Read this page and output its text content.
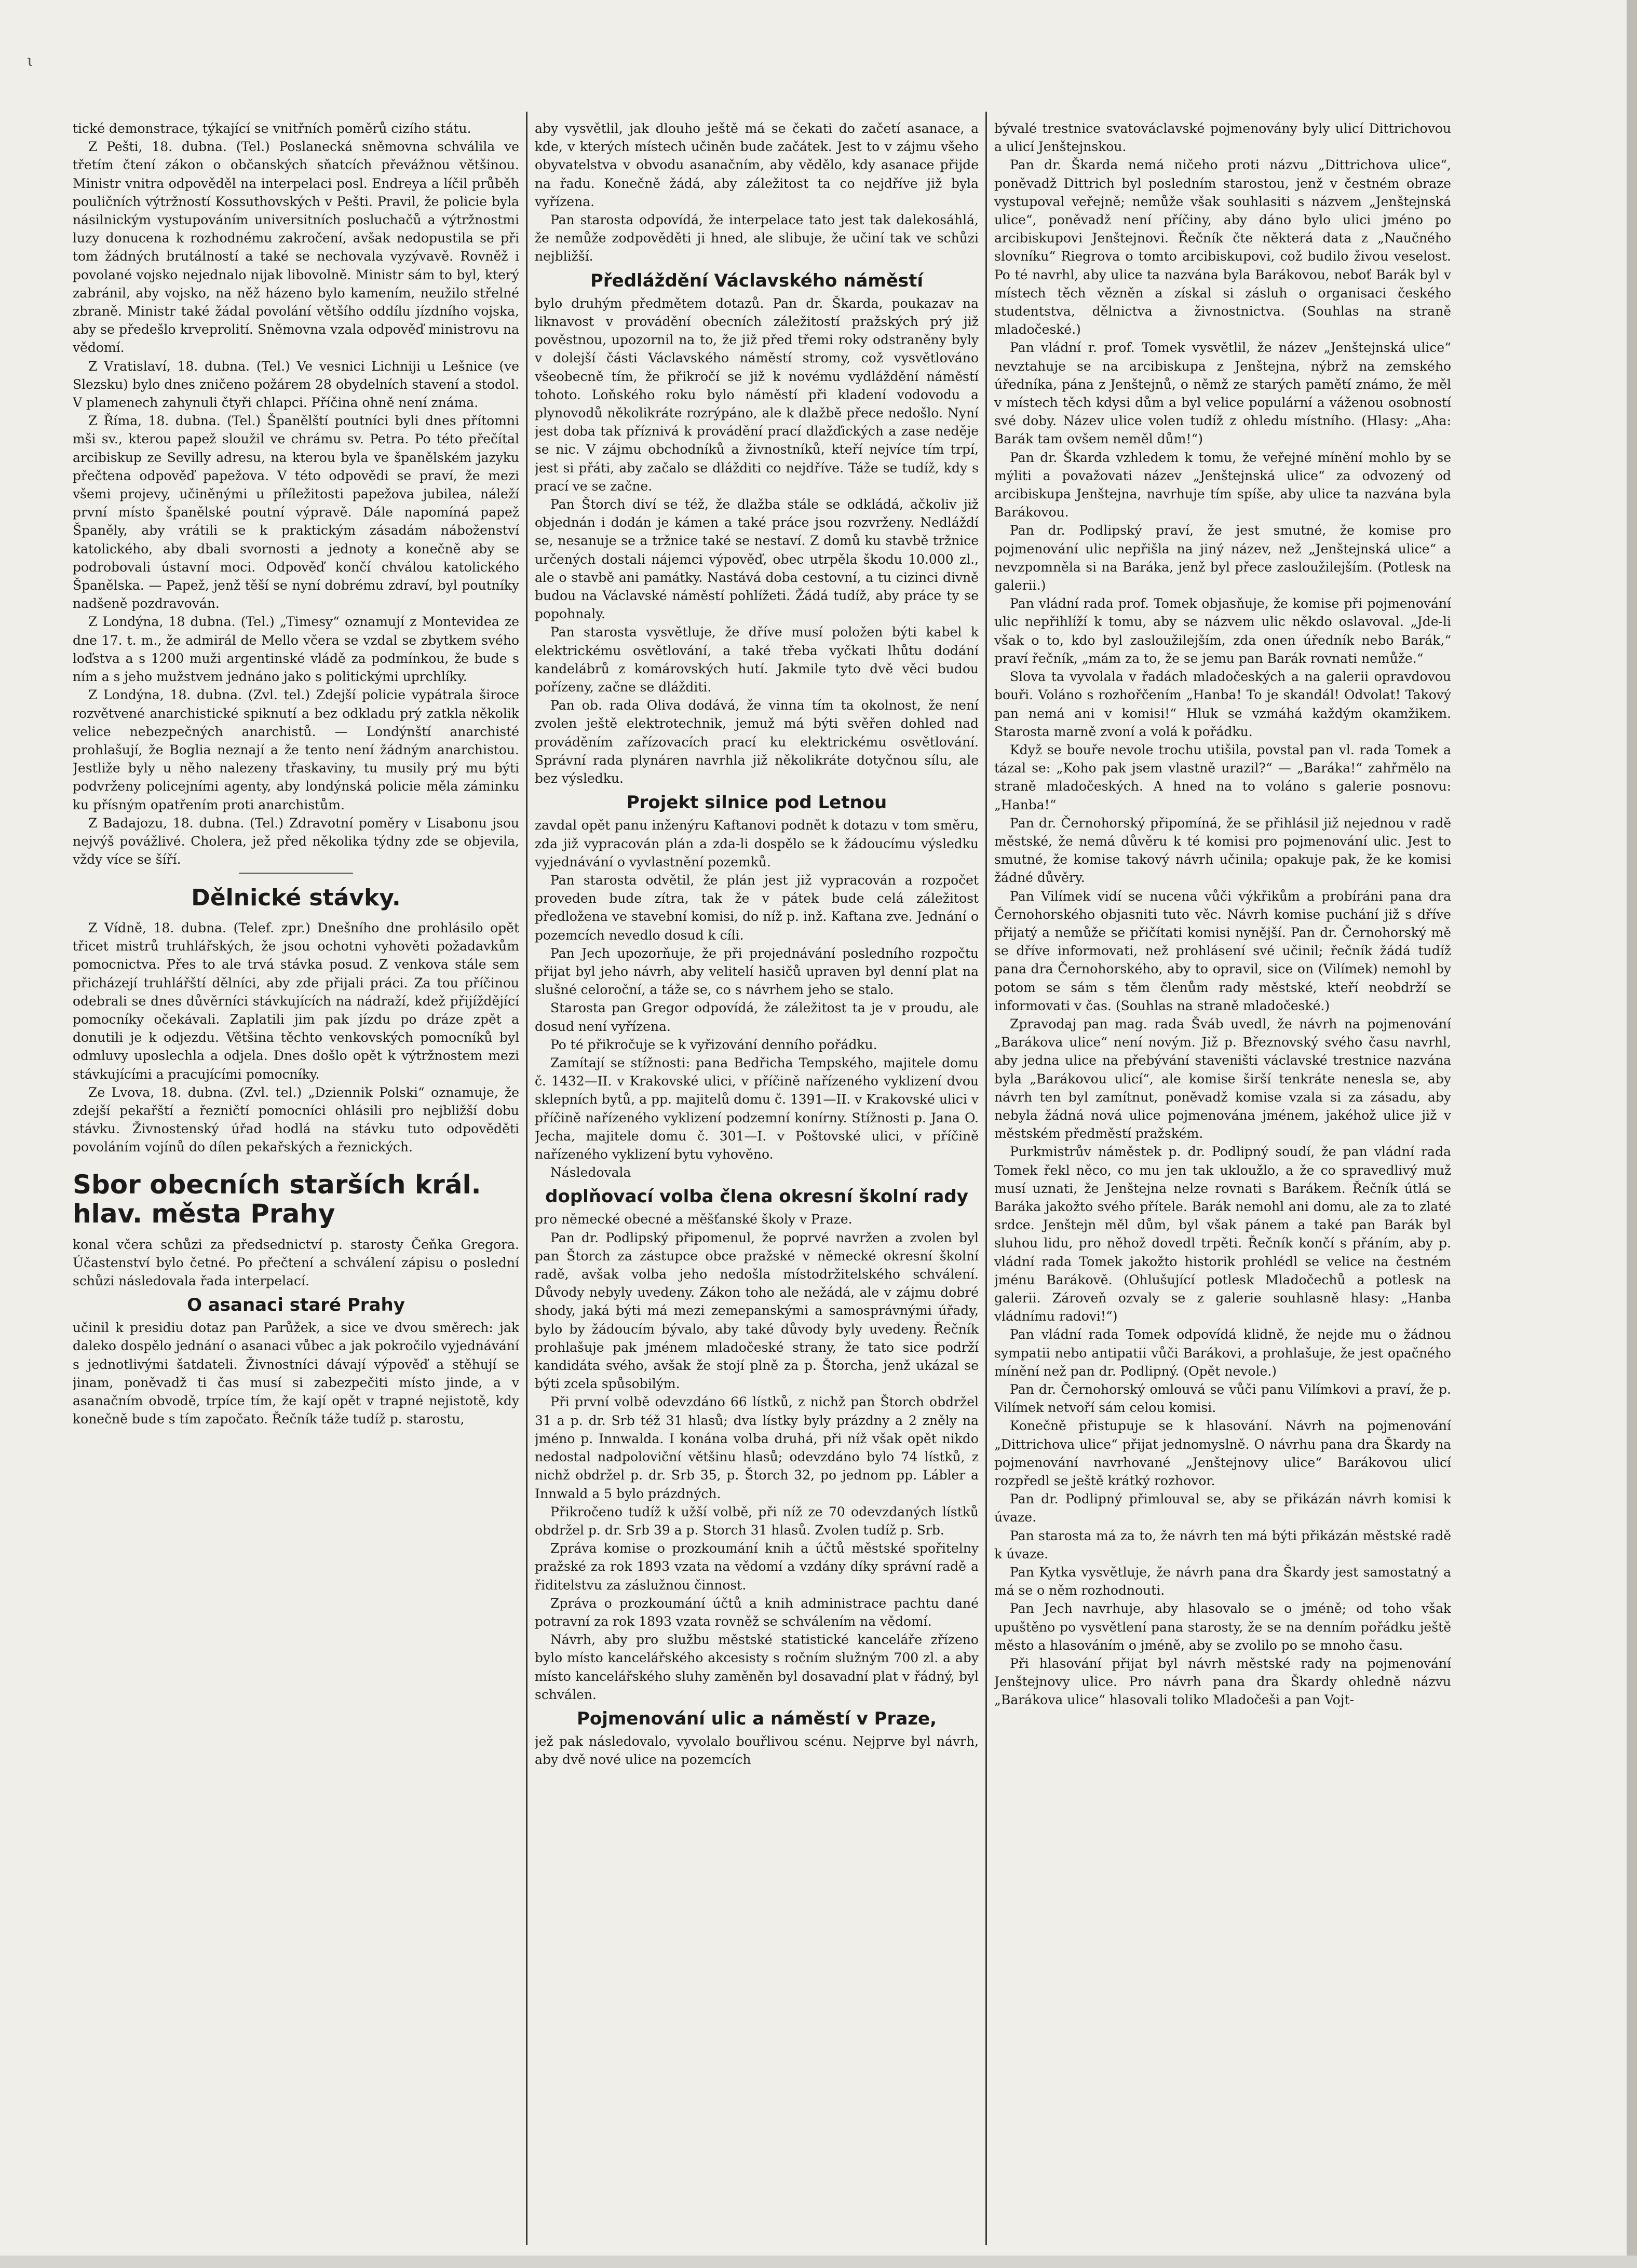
ι

tické demonstrace, týkající se vnitřních poměrů cizího státu.

Z Pešti, 18. dubna. (Tel.) Poslanecká sněmovna schválila ve třetím čtení zákon o občanských sňatcích převážnou většinou. Ministr vnitra odpověděl na interpelaci posl. Endreya a líčil průběh pouličních výtržností Kossuthovských v Pešti. Pravil, že policie byla násilnickým vystupováním universitních posluchačů a výtržnostmi luzy donucena k rozhodnému zakročení, avšak nedopustila se při tom žádných brutálností a také se nechovala vyzývavě. Rovněž i povolané vojsko nejednalo nijak libovolně. Ministr sám to byl, který zabránil, aby vojsko, na něž házeno bylo kamením, neužilo střelné zbraně. Ministr také žádal povolání většího oddílu jízdního vojska, aby se předešlo krveprolití. Sněmovna vzala odpověď ministrovu na vědomí.

Z Vratislaví, 18. dubna. (Tel.) Ve vesnici Lichniji u Lešnice (ve Slezsku) bylo dnes zničeno požárem 28 obydelních stavení a stodol. V plamenech zahynuli čtyři chlapci. Příčina ohně není známa.

Z Říma, 18. dubna. (Tel.) Španělští poutníci byli dnes přítomni mši sv., kterou papež sloužil ve chrámu sv. Petra. Po této přečítal arcibiskup ze Sevilly adresu, na kterou byla ve španělském jazyku přečtena odpověď papežova. V této odpovědi se praví, že mezi všemi projevy, učiněnými u příležitosti papežova jubilea, náleží první místo španělské poutní výpravě. Dále napomíná papež Španěly, aby vrátili se k praktickým zásadám náboženství katolického, aby dbali svornosti a jednoty a konečně aby se podrobovali ústavní moci. Odpověď končí chválou katolického Španělska. — Papež, jenž těší se nyní dobrému zdraví, byl poutníky nadšeně pozdravován.

Z Londýna, 18 dubna. (Tel.) „Timesy“ oznamují z Montevidea ze dne 17. t. m., že admirál de Mello včera se vzdal se zbytkem svého loďstva a s 1200 muži argentinské vládě za podmínkou, že bude s ním a s jeho mužstvem jednáno jako s politickými uprchlíky.

Z Londýna, 18. dubna. (Zvl. tel.) Zdejší policie vypátrala široce rozvětvené anarchistické spiknutí a bez odkladu prý zatkla několik velice nebezpečných anarchistů. — Londýnští anarchisté prohlašují, že Boglia neznají a že tento není žádným anarchistou. Jestliže byly u něho nalezeny třaskaviny, tu musily prý mu býti podvrženy policejními agenty, aby londýnská policie měla záminku ku přísným opatřením proti anarchistům.

Z Badajozu, 18. dubna. (Tel.) Zdravotní poměry v Lisabonu jsou nejvýš povážlivé. Cholera, jež před několika týdny zde se objevila, vždy více se šíří.

Dělnické stávky.

Z Vídně, 18. dubna. (Telef. zpr.) Dnešního dne prohlásilo opět třicet mistrů truhlářských, že jsou ochotni vyhověti požadavkům pomocnictva. Přes to ale trvá stávka posud. Z venkova stále sem přicházejí truhlářští dělníci, aby zde přijali práci. Za tou příčinou odebrali se dnes důvěrníci stávkujících na nádraží, kdež přijíždějící pomocníky očekávali. Zaplatili jim pak jízdu po dráze zpět a donutili je k odjezdu. Většina těchto venkovských pomocníků byl odmluvy uposlechla a odjela. Dnes došlo opět k výtržnostem mezi stávkujícími a pracujícími pomocníky.

Ze Lvova, 18. dubna. (Zvl. tel.) „Dziennik Polski“ oznamuje, že zdejší pekařští a řezničtí pomocníci ohlásili pro nejbližší dobu stávku. Živnostenský úřad hodlá na stávku tuto odpověděti povoláním vojínů do dílen pekařských a řeznických.

Sbor obecních starších král. hlav. města Prahy

konal včera schůzi za předsednictví p. starosty Čeňka Gregora. Účastenství bylo četné. Po přečtení a schválení zápisu o poslední schůzi následovala řada interpelací.

O asanaci staré Prahy

učinil k presidiu dotaz pan Parůžek, a sice ve dvou směrech: jak daleko dospělo jednání o asanaci vůbec a jak pokročilo vyjednávání s jednotlivými šatdateli. Živnostníci dávají výpověď a stěhují se jinam, poněvadž ti čas musí si zabezpečiti místo jinde, a v asanačním obvodě, trpíce tím, že kají opět v trapné nejistotě, kdy konečně bude s tím započato. Řečník táže tudíž p. starostu,

aby vysvětlil, jak dlouho ještě má se čekati do začetí asanace, a kde, v kterých místech učiněn bude začátek. Jest to v zájmu všeho obyvatelstva v obvodu asanačním, aby vědělo, kdy asanace přijde na řadu. Konečně žádá, aby záležitost ta co nejdříve již byla vyřízena.

Pan starosta odpovídá, že interpelace tato jest tak dalekosáhlá, že nemůže zodpověděti ji hned, ale slibuje, že učiní tak ve schůzi nejbližší.

Předláždění Václavského náměstí

bylo druhým předmětem dotazů. Pan dr. Škarda, poukazav na liknavost v provádění obecních záležitostí pražských prý již pověstnou, upozornil na to, že již před třemi roky odstraněny byly v dolejší části Václavského náměstí stromy, což vysvětlováno všeobecně tím, že přikročí se již k novému vydláždění náměstí tohoto. Loňského roku bylo náměstí při kladení vodovodu a plynovodů několikráte rozrýpáno, ale k dlažbě přece nedošlo. Nyní jest doba tak příznivá k provádění prací dlažďických a zase neděje se nic. V zájmu obchodníků a živnostníků, kteří nejvíce tím trpí, jest si přáti, aby začalo se dlážditi co nejdříve. Táže se tudíž, kdy s prací ve se začne.

Pan Štorch diví se též, že dlažba stále se odkládá, ačkoliv již objednán i dodán je kámen a také práce jsou rozvrženy. Nedláždí se, nesanuje se a tržnice také se nestaví. Z domů ku stavbě tržnice určených dostali nájemci výpověď, obec utrpěla škodu 10.000 zl., ale o stavbě ani památky. Nastává doba cestovní, a tu cizinci divně budou na Václavské náměstí pohlížeti. Žádá tudíž, aby práce ty se popohnaly.

Pan starosta vysvětluje, že dříve musí položen býti kabel k elektrickému osvětlování, a také třeba vyčkati lhůtu dodání kandelábrů z komárovských hutí. Jakmile tyto dvě věci budou pořízeny, začne se dlážditi.

Pan ob. rada Oliva dodává, že vinna tím ta okolnost, že není zvolen ještě elektrotechnik, jemuž má býti svěřen dohled nad prováděním zařízovacích prací ku elektrickému osvětlování. Správní rada plynáren navrhla již několikráte dotyčnou sílu, ale bez výsledku.

Projekt silnice pod Letnou

zavdal opět panu inženýru Kaftanovi podnět k dotazu v tom směru, zda již vypracován plán a zda-li dospělo se k žádoucímu výsledku vyjednávání o vyvlastnění pozemků.

Pan starosta odvětil, že plán jest již vypracován a rozpočet proveden bude zítra, tak že v pátek bude celá záležitost předložena ve stavební komisi, do níž p. inž. Kaftana zve. Jednání o pozemcích nevedlo dosud k cíli.

Pan Jech upozorňuje, že při projednávání posledního rozpočtu přijat byl jeho návrh, aby velitelí hasičů upraven byl denní plat na slušné celoroční, a táže se, co s návrhem jeho se stalo.

Starosta pan Gregor odpovídá, že záležitost ta je v proudu, ale dosud není vyřízena.

Po té přikročuje se k vyřizování denního pořádku.

Zamítají se stížnosti: pana Bedřicha Tempského, majitele domu č. 1432—II. v Krakovské ulici, v příčině nařízeného vyklizení dvou sklepních bytů, a pp. majitelů domu č. 1391—II. v Krakovské ulici v příčině nařízeného vyklizení podzemní konírny. Stížnosti p. Jana O. Jecha, majitele domu č. 301—I. v Poštovské ulici, v příčině nařízeného vyklizení bytu vyhověno.

Následovala

doplňovací volba člena okresní školní rady

pro německé obecné a měšťanské školy v Praze.

Pan dr. Podlipský připomenul, že poprvé navržen a zvolen byl pan Štorch za zástupce obce pražské v německé okresní školní radě, avšak volba jeho nedošla místodržitelského schválení. Důvody nebyly uvedeny. Zákon toho ale nežádá, ale v zájmu dobré shody, jaká býti má mezi zemepanskými a samosprávnými úřady, bylo by žádoucím bývalo, aby také důvody byly uvedeny. Řečník prohlašuje pak jménem mladočeské strany, že tato sice podrží kandidáta svého, avšak že stojí plně za p. Štorcha, jenž ukázal se býti zcela spůsobilým.

Při první volbě odevzdáno 66 lístků, z nichž pan Štorch obdržel 31 a p. dr. Srb též 31 hlasů; dva lístky byly prázdny a 2 zněly na jméno p. Innwalda. I konána volba druhá, při níž však opět nikdo nedostal nadpoloviční většinu hlasů; odevzdáno bylo 74 lístků, z nichž obdržel p. dr. Srb 35, p. Štorch 32, po jednom pp. Lábler a Innwald a 5 bylo prázdných.

Přikročeno tudíž k užší volbě, při níž ze 70 odevzdaných lístků obdržel p. dr. Srb 39 a p. Storch 31 hlasů. Zvolen tudíž p. Srb.

Zpráva komise o prozkoumání knih a účtů městské spořitelny pražské za rok 1893 vzata na vědomí a vzdány díky správní radě a řiditelstvu za záslužnou činnost.

Zpráva o prozkoumání účtů a knih administrace pachtu dané potravní za rok 1893 vzata rovněž se schválením na vědomí.

Návrh, aby pro službu městské statistické kanceláře zřízeno bylo místo kancelářského akcesisty s ročním služným 700 zl. a aby místo kancelářského sluhy zaměněn byl dosavadní plat v řádný, byl schválen.

Pojmenování ulic a náměstí v Praze,

jež pak následovalo, vyvolalo bouřlivou scénu. Nejprve byl návrh, aby dvě nové ulice na pozemcích

bývalé trestnice svatováclavské pojmenovány byly ulicí Dittrichovou a ulicí Jenštejnskou.

Pan dr. Škarda nemá ničeho proti názvu „Dittrichova ulice“, poněvadž Dittrich byl posledním starostou, jenž v čestném obraze vystupoval veřejně; nemůže však souhlasiti s názvem „Jenštejnská ulice“, poněvadž není příčiny, aby dáno bylo ulici jméno po arcibiskupovi Jenštejnovi. Řečník čte některá data z „Naučného slovníku“ Riegrova o tomto arcibiskupovi, což budilo živou veselost. Po té navrhl, aby ulice ta nazvána byla Barákovou, neboť Barák byl v místech těch vězněn a získal si zásluh o organisaci českého studentstva, dělnictva a živnostnictva. (Souhlas na straně mladočeské.)

Pan vládní r. prof. Tomek vysvětlil, že název „Jenštejnská ulice“ nevztahuje se na arcibiskupa z Jenštejna, nýbrž na zemského úředníka, pána z Jenštejnů, o němž ze starých pamětí známo, že měl v místech těch kdysi dům a byl velice populární a váženou osobností své doby. Název ulice volen tudíž z ohledu místního. (Hlasy: „Aha: Barák tam ovšem neměl dům!“)

Pan dr. Škarda vzhledem k tomu, že veřejné mínění mohlo by se mýliti a považovati název „Jenštejnská ulice“ za odvozený od arcibiskupa Jenštejna, navrhuje tím spíše, aby ulice ta nazvána byla Barákovou.

Pan dr. Podlipský praví, že jest smutné, že komise pro pojmenování ulic nepřišla na jiný název, než „Jenštejnská ulice“ a nevzpomněla si na Baráka, jenž byl přece zasloužilejším. (Potlesk na galerii.)

Pan vládní rada prof. Tomek objasňuje, že komise při pojmenování ulic nepřihlíží k tomu, aby se názvem ulic někdo oslavoval. „Jde-li však o to, kdo byl zasloužilejším, zda onen úředník nebo Barák,“ praví řečník, „mám za to, že se jemu pan Barák rovnati nemůže.“

Slova ta vyvolala v řadách mladočeských a na galerii opravdovou bouři. Voláno s rozhořčením „Hanba! To je skandál! Odvolat! Takový pan nemá ani v komisi!“ Hluk se vzmáhá každým okamžikem. Starosta marně zvoní a volá k pořádku.

Když se bouře nevole trochu utišila, povstal pan vl. rada Tomek a tázal se: „Koho pak jsem vlastně urazil?“ — „Baráka!“ zahřmělo na straně mladočeských. A hned na to voláno s galerie posnovu: „Hanba!“

Pan dr. Černohorský připomíná, že se přihlásil již nejednou v radě městské, že nemá důvěru k té komisi pro pojmenování ulic. Jest to smutné, že komise takový návrh učinila; opakuje pak, že ke komisi žádné důvěry.

Pan Vilímek vidí se nucena vůči výkřikům a probíráni pana dra Černohorského objasniti tuto věc. Návrh komise puchání již s dříve přijatý a nemůže se přičítati komisi nynější. Pan dr. Černohorský mě se dříve informovati, než prohlásení své učinil; řečník žádá tudíž pana dra Černohorského, aby to opravil, sice on (Vilímek) nemohl by potom se sám s těm členům rady městské, kteří neobdrží se informovati v čas. (Souhlas na straně mladočeské.)

Zpravodaj pan mag. rada Šváb uvedl, že návrh na pojmenování „Barákova ulice“ není novým. Již p. Březnovský svého času navrhl, aby jedna ulice na přebývání staveništi václavské trestnice nazvána byla „Barákovou ulicí“, ale komise širší tenkráte nenesla se, aby návrh ten byl zamítnut, poněvadž komise vzala si za zásadu, aby nebyla žádná nová ulice pojmenována jménem, jakéhož ulice již v městském předměstí pražském.

Purkmistrův náměstek p. dr. Podlipný soudí, že pan vládní rada Tomek řekl něco, co mu jen tak ukloužlo, a že co spravedlivý muž musí uznati, že Jenštejna nelze rovnati s Barákem. Řečník útlá se Baráka jakožto svého přítele. Barák nemohl ani domu, ale za to zlaté srdce. Jenštejn měl dům, byl však pánem a také pan Barák byl sluhou lidu, pro něhož dovedl trpěti. Řečník končí s přáním, aby p. vládní rada Tomek jakožto historik prohlédl se velice na čestném jménu Barákově. (Ohlušující potlesk Mladočechů a potlesk na galerii. Zároveň ozvaly se z galerie souhlasně hlasy: „Hanba vládnímu radovi!“)

Pan vládní rada Tomek odpovídá klidně, že nejde mu o žádnou sympatii nebo antipatii vůči Barákovi, a prohlašuje, že jest opačného mínění než pan dr. Podlipný. (Opět nevole.)

Pan dr. Černohorský omlouvá se vůči panu Vilímkovi a praví, že p. Vilímek netvoří sám celou komisi.

Konečně přistupuje se k hlasování. Návrh na pojmenování „Dittrichova ulice“ přijat jednomyslně. O návrhu pana dra Škardy na pojmenování navrhované „Jenštejnovy ulice“ Barákovou ulicí rozpředl se ještě krátký rozhovor.

Pan dr. Podlipný přimlouval se, aby se přikázán návrh komisi k úvaze.

Pan starosta má za to, že návrh ten má býti přikázán městské radě k úvaze.

Pan Kytka vysvětluje, že návrh pana dra Škardy jest samostatný a má se o něm rozhodnouti.

Pan Jech navrhuje, aby hlasovalo se o jméně; od toho však upuštěno po vysvětlení pana starosty, že se na denním pořádku ještě město a hlasováním o jméně, aby se zvolilo po se mnoho času.

Při hlasování přijat byl návrh městské rady na pojmenování Jenštejnovy ulice. Pro návrh pana dra Škardy ohledně názvu „Barákova ulice“ hlasovali toliko Mladočeši a pan Vojt-
